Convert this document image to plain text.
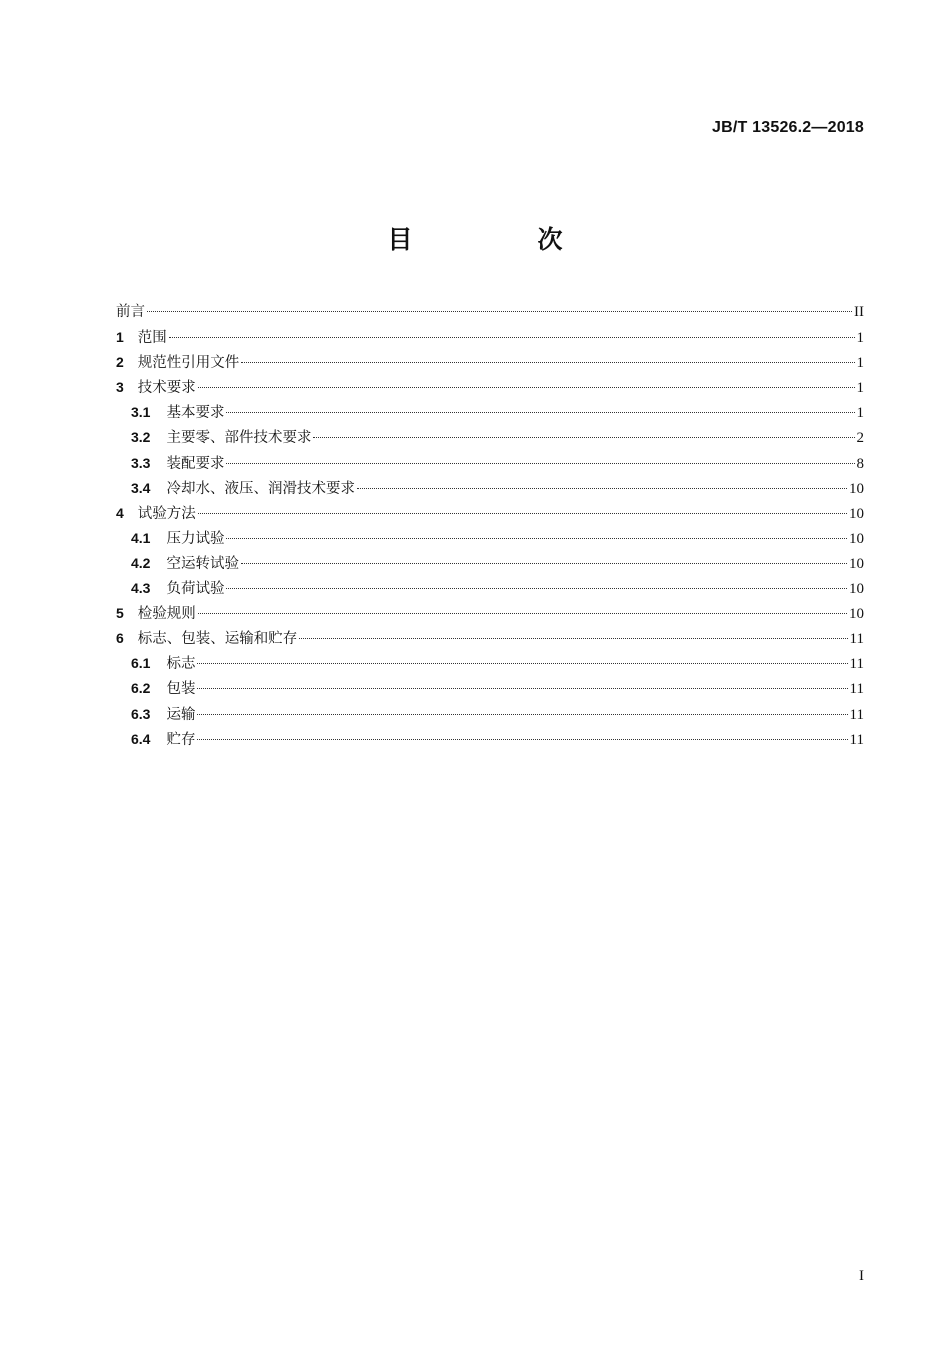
JB/T 13526.2—2018
目　次
前言	II
1 范围	1
2 规范性引用文件	1
3 技术要求	1
3.1 基本要求	1
3.2 主要零、部件技术要求	2
3.3 装配要求	8
3.4 冷却水、液压、润滑技术要求	10
4 试验方法	10
4.1 压力试验	10
4.2 空运转试验	10
4.3 负荷试验	10
5 检验规则	10
6 标志、包装、运输和贮存	11
6.1 标志	11
6.2 包装	11
6.3 运输	11
6.4 贮存	11
I
